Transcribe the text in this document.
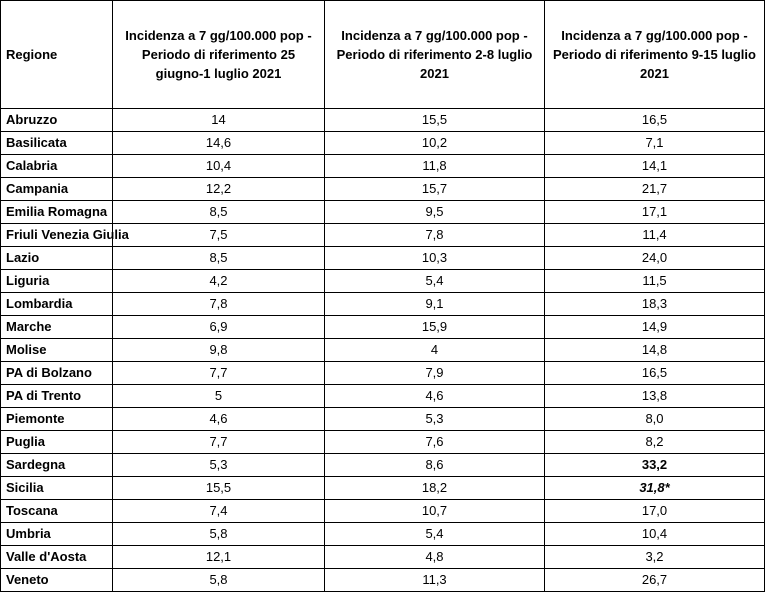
Regione	Incidenza a 7 gg/100.000 pop - Periodo di riferimento 25 giugno-1 luglio 2021	Incidenza a 7 gg/100.000 pop - Periodo di riferimento 2-8 luglio 2021	Incidenza a 7 gg/100.000 pop - Periodo di riferimento 9-15 luglio 2021
Abruzzo	14	15,5	16,5
Basilicata	14,6	10,2	7,1
Calabria	10,4	11,8	14,1
Campania	12,2	15,7	21,7
Emilia Romagna	8,5	9,5	17,1
Friuli Venezia Giulia	7,5	7,8	11,4
Lazio	8,5	10,3	24,0
Liguria	4,2	5,4	11,5
Lombardia	7,8	9,1	18,3
Marche	6,9	15,9	14,9
Molise	9,8	4	14,8
PA di Bolzano	7,7	7,9	16,5
PA di Trento	5	4,6	13,8
Piemonte	4,6	5,3	8,0
Puglia	7,7	7,6	8,2
Sardegna	5,3	8,6	33,2
Sicilia	15,5	18,2	31,8*
Toscana	7,4	10,7	17,0
Umbria	5,8	5,4	10,4
Valle d'Aosta	12,1	4,8	3,2
Veneto	5,8	11,3	26,7
